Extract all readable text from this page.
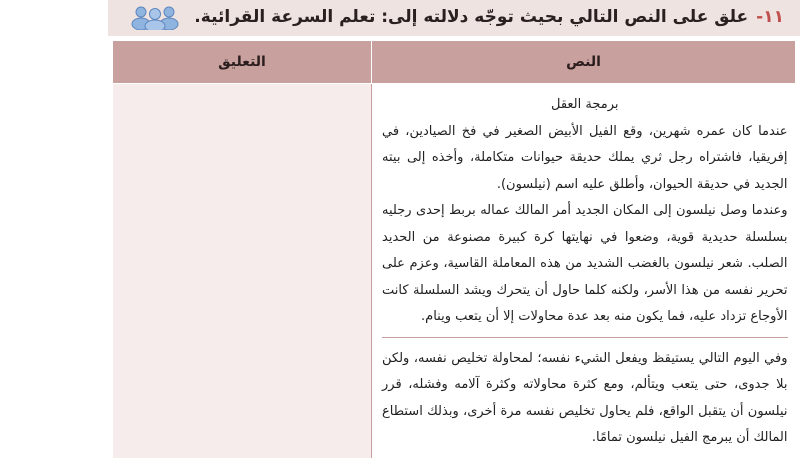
١١-
علق على النص التالي بحيث توجّه دلالته إلى: تعلم السرعة القرائية.
النص	التعليق

برمجة العقل

عندما كان عمره شهرين، وقع الفيل الأبيض الصغير في فخ الصيادين، في إفريقيا، فاشتراه رجل ثري يملك حديقة حيوانات متكاملة، وأخذه إلى بيته الجديد في حديقة الحيوان، وأطلق عليه اسم (نيلسون).

وعندما وصل نيلسون إلى المكان الجديد أمر المالك عماله بربط إحدى رجليه بسلسلة حديدية قوية، وضعوا في نهايتها كرة كبيرة مصنوعة من الحديد الصلب. شعر نيلسون بالغضب الشديد من هذه المعاملة القاسية، وعزم على تحرير نفسه من هذا الأسر، ولكنه كلما حاول أن يتحرك ويشد السلسلة كانت الأوجاع تزداد عليه، فما يكون منه بعد عدة محاولات إلا أن يتعب وينام.

وفي اليوم التالي يستيقظ ويفعل الشيء نفسه؛ لمحاولة تخليص نفسه، ولكن بلا جدوى، حتى يتعب ويتألم، ومع كثرة محاولاته وكثرة آلامه وفشله، قرر نيلسون أن يتقبل الواقع، فلم يحاول تخليص نفسه مرة أخرى، وبذلك استطاع المالك أن يبرمج الفيل نيلسون تمامًا.	
